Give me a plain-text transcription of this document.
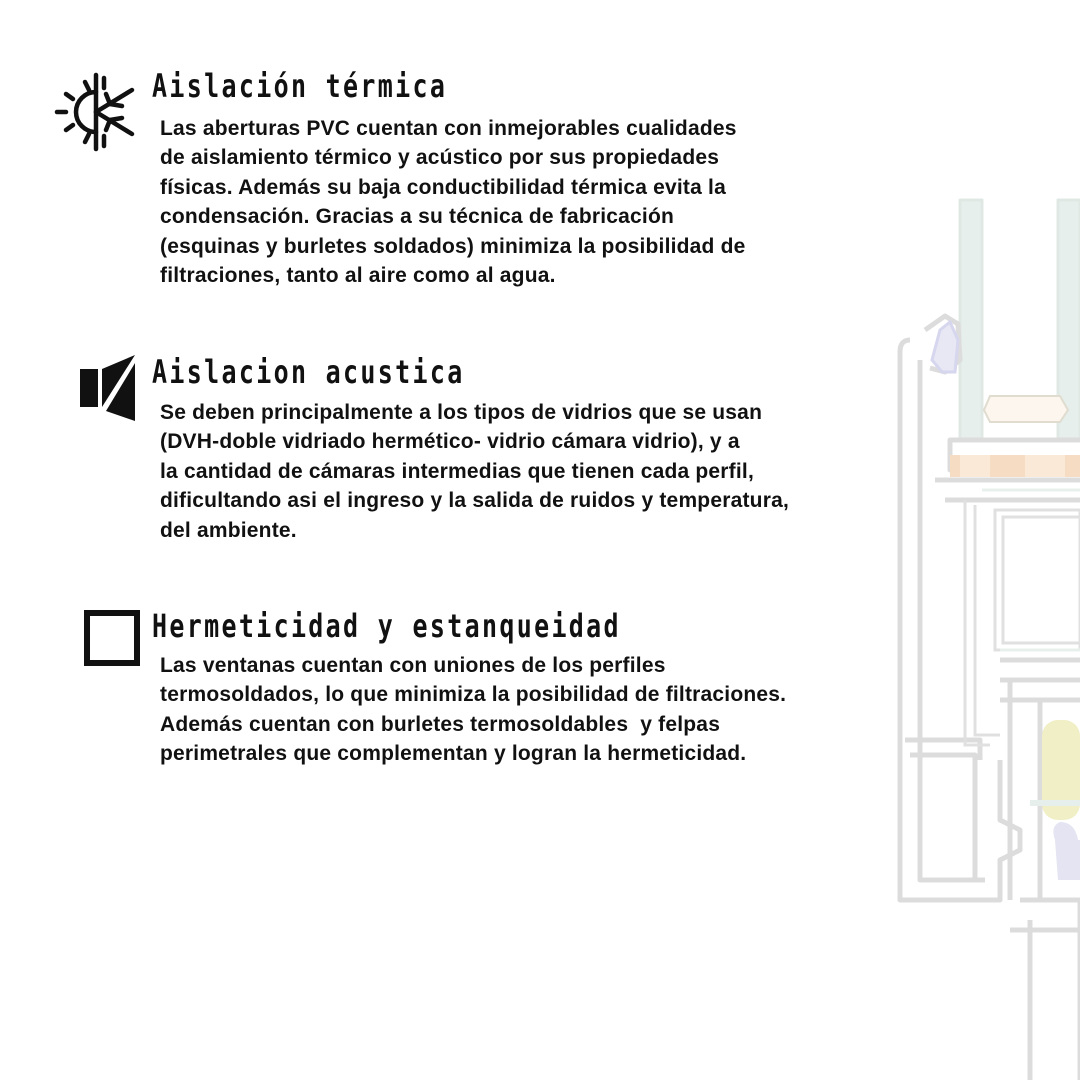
Aislación térmica
Las aberturas PVC cuentan con inmejorables cualidades
de aislamiento térmico y acústico por sus propiedades
físicas. Además su baja conductibilidad térmica evita la
condensación. Gracias a su técnica de fabricación
(esquinas y burletes soldados) minimiza la posibilidad de
filtraciones, tanto al aire como al agua.
Aislacion acustica
Se deben principalmente a los tipos de vidrios que se usan
(DVH-doble vidriado hermético- vidrio cámara vidrio), y a
la cantidad de cámaras intermedias que tienen cada perfil,
dificultando asi el ingreso y la salida de ruidos y temperatura,
del ambiente.
Hermeticidad y estanqueidad
Las ventanas cuentan con uniones de los perfiles
termosoldados, lo que minimiza la posibilidad de filtraciones.
Además cuentan con burletes termosoldables  y felpas
perimetrales que complementan y logran la hermeticidad.
